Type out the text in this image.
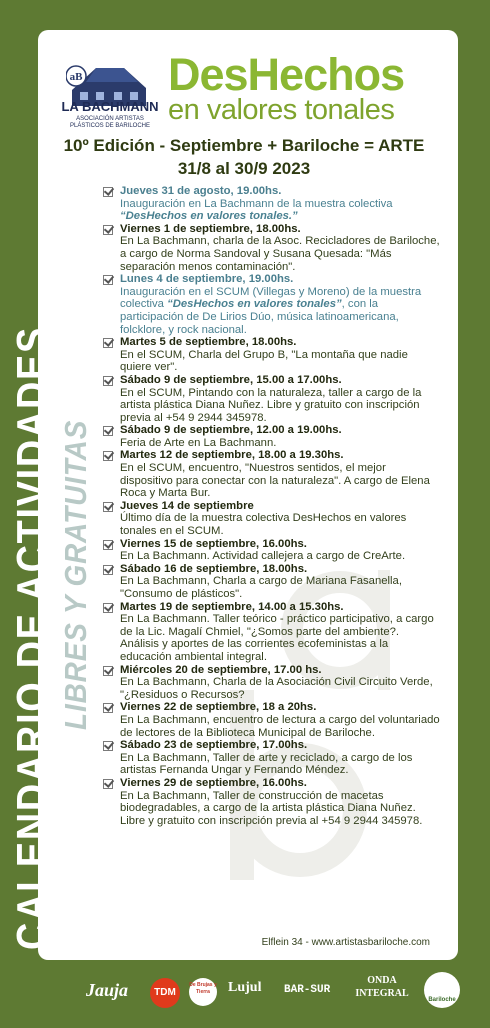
CALENDARIO DE ACTIVIDADES LIBRES Y GRATUITAS
aB
LA BACHMANN
ASOCIACIÓN ARTISTAS
PLÁSTICOS DE BARILOCHE
DesHechos
en valores tonales
10º Edición - Septiembre + Bariloche = ARTE
31/8 al 30/9 2023
Jueves 31 de agosto, 19.00hs.
Inauguración en La Bachmann de la muestra colectiva “DesHechos en valores tonales.”
Viernes 1 de septiembre, 18.00hs.
En La Bachmann, charla de la Asoc. Recicladores de Bariloche, a cargo de Norma Sandoval y Susana Quesada: "Más separación menos contaminación".
Lunes 4 de septiembre, 19.00hs.
Inauguración en el SCUM (Villegas y Moreno) de la muestra colectiva “DesHechos en valores tonales”, con la participación de De Lirios Dúo, música latinoamericana, folcklore, y rock nacional.
Martes 5 de septiembre, 18.00hs.
En el SCUM, Charla del Grupo B, "La montaña que nadie quiere ver".
Sábado 9 de septiembre, 15.00 a 17.00hs.
En el SCUM, Pintando con la naturaleza, taller a cargo de la artista plástica Diana Nuñez. Libre y gratuito con inscripción previa al +54 9 2944 345978.
Sábado 9 de septiembre, 12.00 a 19.00hs.
Feria de Arte en La Bachmann.
Martes 12 de septiembre, 18.00 a 19.30hs.
En el SCUM, encuentro, "Nuestros sentidos, el mejor dispositivo para conectar con la naturaleza". A cargo de Elena Roca y Marta Bur.
Jueves 14 de septiembre
Último día de la muestra colectiva DesHechos en valores tonales en el SCUM.
Viernes 15 de septiembre, 16.00hs.
En La Bachmann. Actividad callejera a cargo de CreArte.
Sábado 16 de septiembre, 18.00hs.
En La Bachmann, Charla a cargo de Mariana Fasanella, "Consumo de plásticos".
Martes 19 de septiembre, 14.00 a 15.30hs.
En La Bachmann. Taller teórico - práctico participativo, a cargo de la Lic. Magalí Chmiel, "¿Somos parte del ambiente?. Análisis y aportes de las corrientes ecofeministas a la educación ambiental integral.
Miércoles 20 de septiembre, 17.00 hs.
En La Bachmann, Charla de la Asociación Civil Circuito Verde, "¿Residuos o Recursos?
Viernes 22 de septiembre, 18 a 20hs.
En La Bachmann, encuentro de lectura a cargo del voluntariado de lectores de la Biblioteca Municipal de Bariloche.
Sábado 23 de septiembre, 17.00hs.
En La Bachmann, Taller de arte y reciclado, a cargo de los artistas Fernanda Ungar y Fernando Méndez.
Viernes 29 de septiembre, 16.00hs.
En La Bachmann, Taller de construcción de macetas biodegradables, a cargo de la artista plástica Diana Nuñez. Libre y gratuito con inscripción previa al +54 9 2944 345978.
Elflein 34 - www.artistasbariloche.com
Jauja	TDM
De Brujas y Tierra	Lujul BAR-SUR
ONDA INTEGRAL
Bariloche
